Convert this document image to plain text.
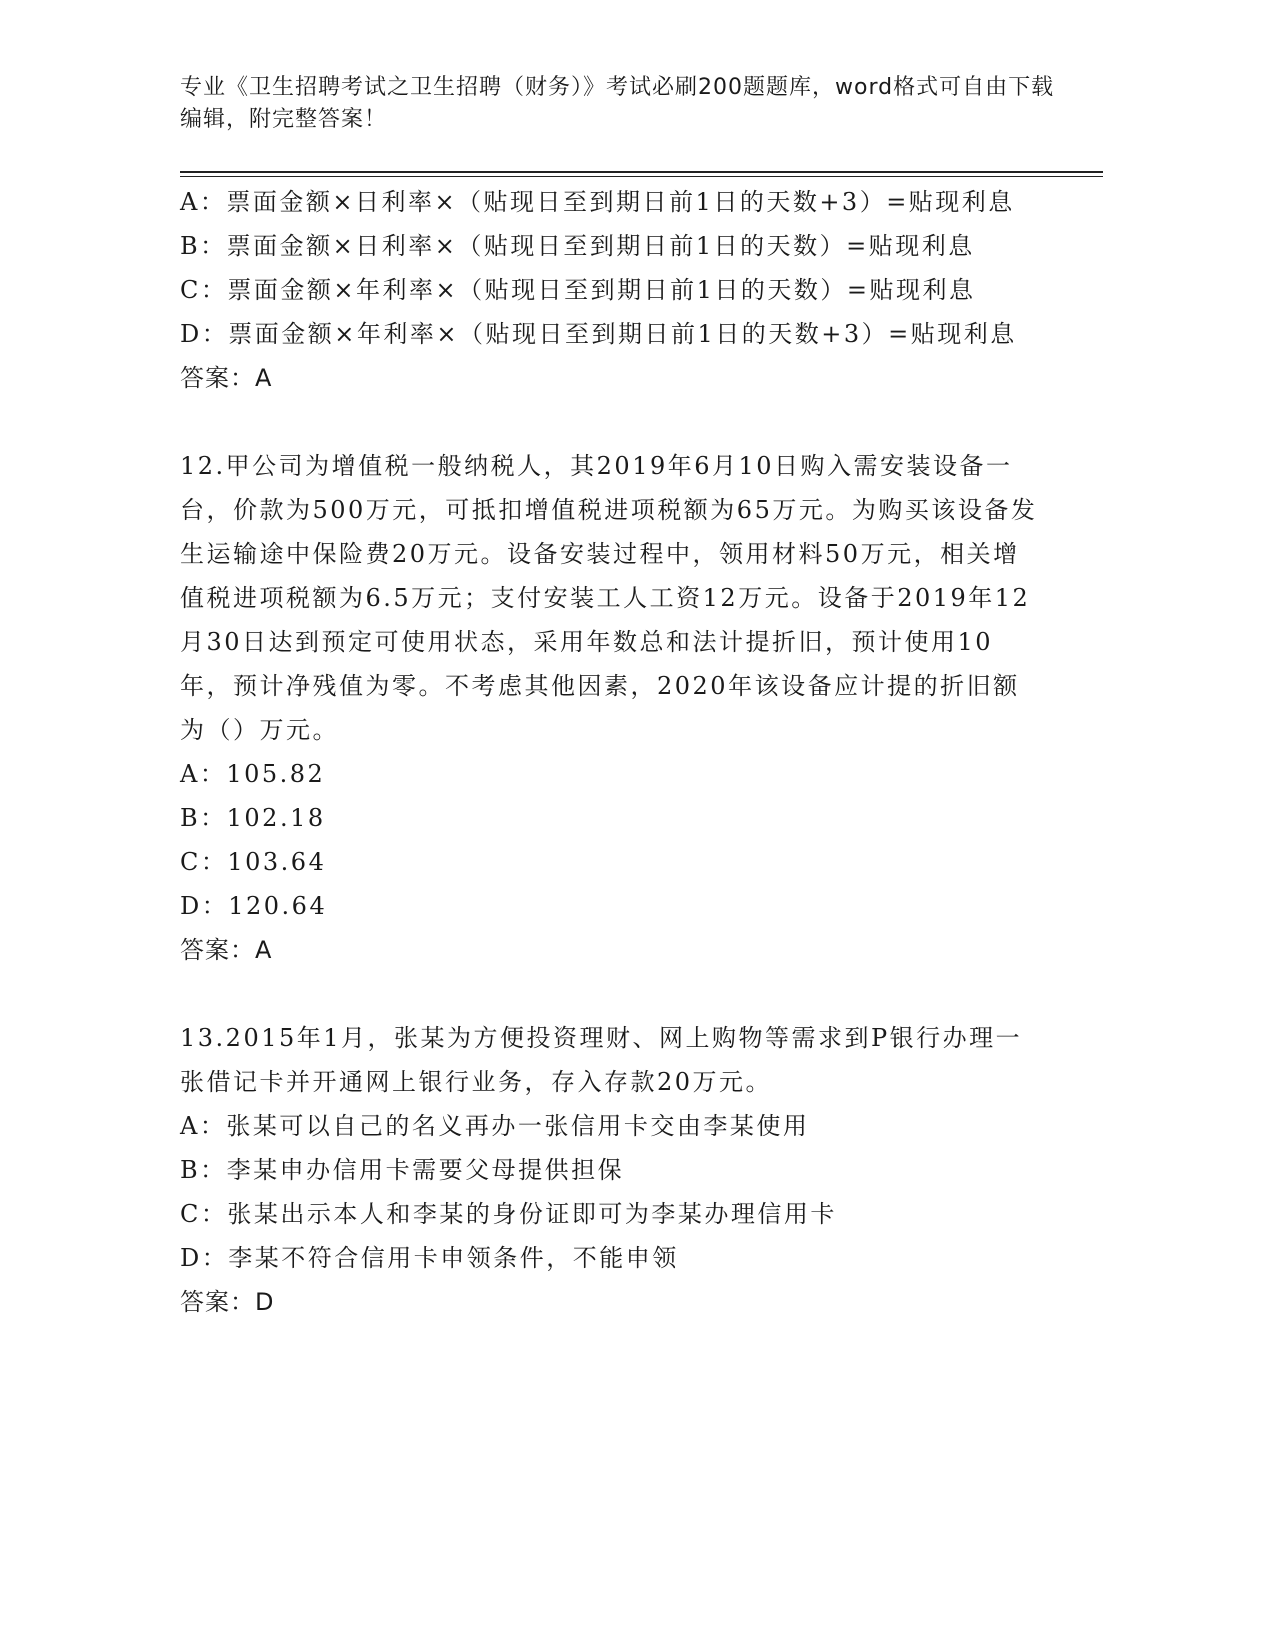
专业《卫生招聘考试之卫生招聘（财务）》考试必刷200题题库，word格式可自由下载编辑，附完整答案！

A：票面金额×日利率×（贴现日至到期日前1日的天数+3）=贴现利息

B：票面金额×日利率×（贴现日至到期日前1日的天数）=贴现利息

C：票面金额×年利率×（贴现日至到期日前1日的天数）=贴现利息

D：票面金额×年利率×（贴现日至到期日前1日的天数+3）=贴现利息

答案：A

12.甲公司为增值税一般纳税人，其2019年6月10日购入需安装设备一台，价款为500万元，可抵扣增值税进项税额为65万元。为购买该设备发生运输途中保险费20万元。设备安装过程中，领用材料50万元，相关增值税进项税额为6.5万元；支付安装工人工资12万元。设备于2019年12月30日达到预定可使用状态，采用年数总和法计提折旧，预计使用10年，预计净残值为零。不考虑其他因素，2020年该设备应计提的折旧额为（）万元。

A：105.82

B：102.18

C：103.64

D：120.64

答案：A

13.2015年1月，张某为方便投资理财、网上购物等需求到P银行办理一张借记卡并开通网上银行业务，存入存款20万元。

A：张某可以自己的名义再办一张信用卡交由李某使用

B：李某申办信用卡需要父母提供担保

C：张某出示本人和李某的身份证即可为李某办理信用卡

D：李某不符合信用卡申领条件，不能申领

答案：D
